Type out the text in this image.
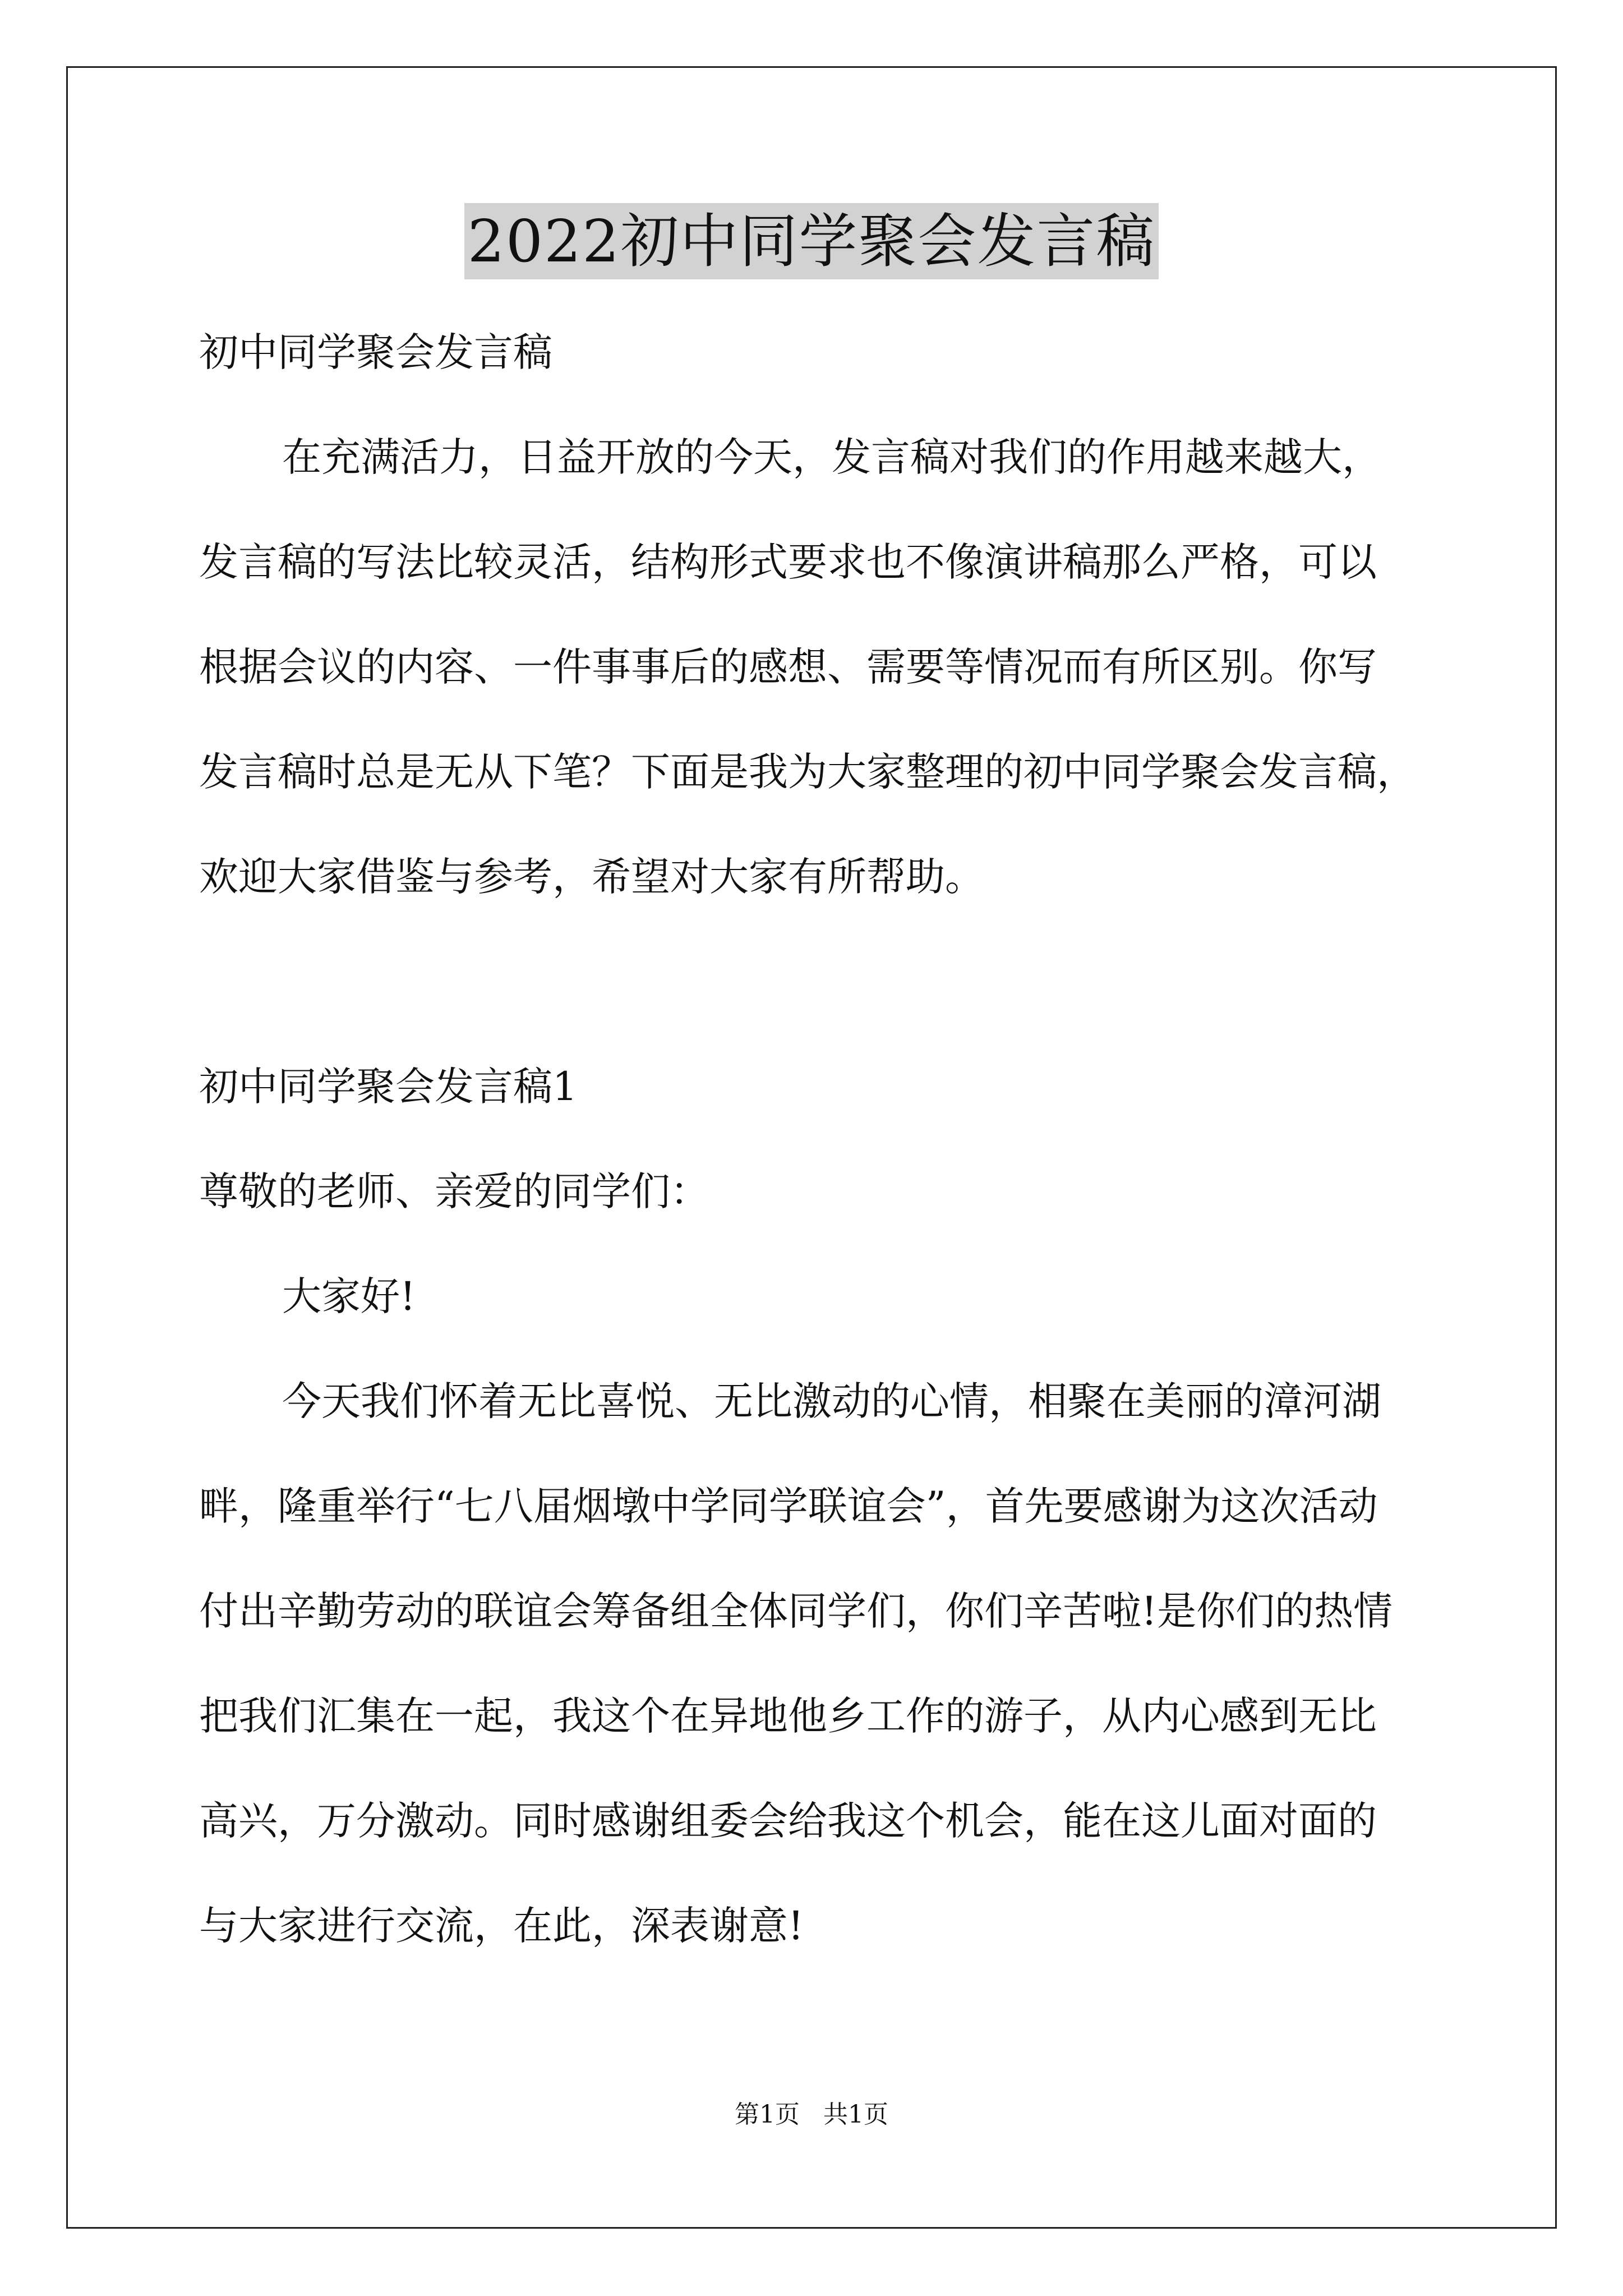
2022初中同学聚会发言稿
初中同学聚会发言稿
在充满活力，日益开放的今天，发言稿对我们的作用越来越大，
发言稿的写法比较灵活，结构形式要求也不像演讲稿那么严格，可以
根据会议的内容、一件事事后的感想、需要等情况而有所区别。你写
发言稿时总是无从下笔？下面是我为大家整理的初中同学聚会发言稿，
欢迎大家借鉴与参考，希望对大家有所帮助。
初中同学聚会发言稿1
尊敬的老师、亲爱的同学们：
大家好!
今天我们怀着无比喜悦、无比激动的心情，相聚在美丽的漳河湖
畔，隆重举行“七八届烟墩中学同学联谊会”，首先要感谢为这次活动
付出辛勤劳动的联谊会筹备组全体同学们，你们辛苦啦!是你们的热情
把我们汇集在一起，我这个在异地他乡工作的游子，从内心感到无比
高兴，万分激动。同时感谢组委会给我这个机会，能在这儿面对面的
与大家进行交流，在此，深表谢意!
第1页   共1页
